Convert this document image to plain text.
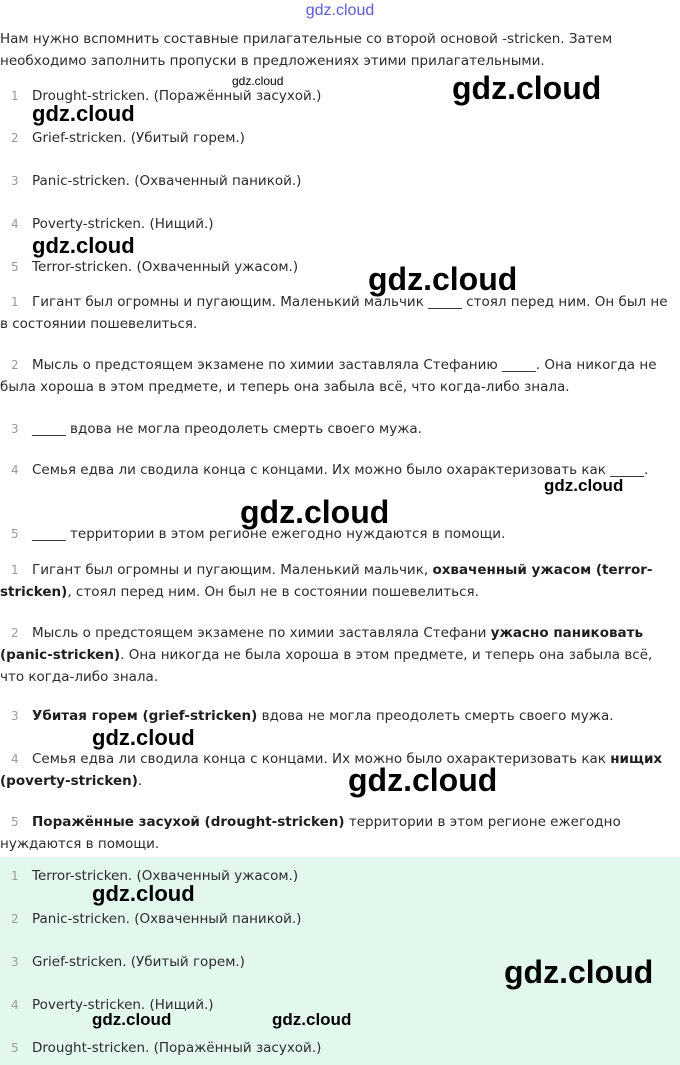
gdz.cloud

Нам нужно вспомнить составные прилагательные со второй основой -stricken. Затем необходимо заполнить пропуски в предложениях этими прилагательными.

1 Drought-stricken. (Поражённый засухой.)
2 Grief-stricken. (Убитый горем.)
3 Panic-stricken. (Охваченный паникой.)
4 Poverty-stricken. (Нищий.)
5 Terror-stricken. (Охваченный ужасом.)
1 Гигант был огромны и пугающим. Маленький мальчик _____ стоял перед ним. Он был не в состоянии пошевелиться.
2 Мысль о предстоящем экзамене по химии заставляла Стефанию _____. Она никогда не была хороша в этом предмете, и теперь она забыла всё, что когда-либо знала.
3 _____ вдова не могла преодолеть смерть своего мужа.
4 Семья едва ли сводила конца с концами. Их можно было охарактеризовать как _____.
5 _____ территории в этом регионе ежегодно нуждаются в помощи.
1 Гигант был огромны и пугающим. Маленький мальчик, охваченный ужасом (terror-stricken), стоял перед ним. Он был не в состоянии пошевелиться.
2 Мысль о предстоящем экзамене по химии заставляла Стефани ужасно паниковать (panic-stricken). Она никогда не была хороша в этом предмете, и теперь она забыла всё, что когда-либо знала.
3 Убитая горем (grief-stricken) вдова не могла преодолеть смерть своего мужа.
4 Семья едва ли сводила конца с концами. Их можно было охарактеризовать как нищих (poverty-stricken).
5 Поражённые засухой (drought-stricken) территории в этом регионе ежегодно нуждаются в помощи.
1 Terror-stricken. (Охваченный ужасом.)
2 Panic-stricken. (Охваченный паникой.)
3 Grief-stricken. (Убитый горем.)
4 Poverty-stricken. (Нищий.)
5 Drought-stricken. (Поражённый засухой.)
gdz.cloud	gdz.cloud
gdz.cloud
gdz.cloud
gdz.cloud
gdz.cloud
gdz.cloud
gdz.cloud
gdz.cloud
gdz.cloud
gdz.cloud
gdz.cloud	gdz.cloud
